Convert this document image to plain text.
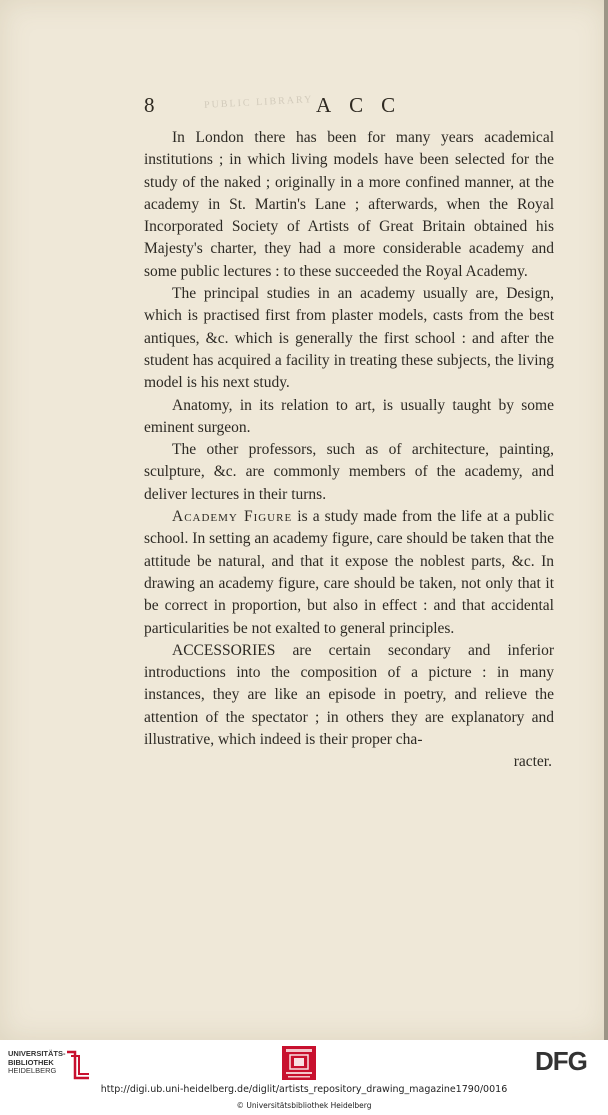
8	PUBLIC LIBRARY ACC

In London there has been for many years academical institutions ; in which living models have been selected for the study of the naked ; originally in a more confined manner, at the academy in St. Martin's Lane ; afterwards, when the Royal Incorporated Society of Artists of Great Britain obtained his Majesty's charter, they had a more considerable academy and some public lectures : to these succeeded the Royal Academy.

The principal studies in an academy usually are, Design, which is practised first from plaster models, casts from the best antiques, &c. which is generally the first school : and after the student has acquired a facility in treating these subjects, the living model is his next study.

Anatomy, in its relation to art, is usually taught by some eminent surgeon.

The other professors, such as of architecture, painting, sculpture, &c. are commonly members of the academy, and deliver lectures in their turns.

Academy Figure is a study made from the life at a public school. In setting an academy figure, care should be taken that the attitude be natural, and that it expose the noblest parts, &c. In drawing an academy figure, care should be taken, not only that it be correct in proportion, but also in effect : and that accidental particularities be not exalted to general principles.

ACCESSORIES are certain secondary and inferior introductions into the composition of a picture : in many instances, they are like an episode in poetry, and relieve the attention of the spectator ; in others they are explanatory and illustrative, which indeed is their proper cha-
racter.

UNIVERSITÄTS-
BIBLIOTHEK
HEIDELBERG	DFG
http://digi.ub.uni-heidelberg.de/diglit/artists_repository_drawing_magazine1790/0016
© Universitätsbibliothek Heidelberg
